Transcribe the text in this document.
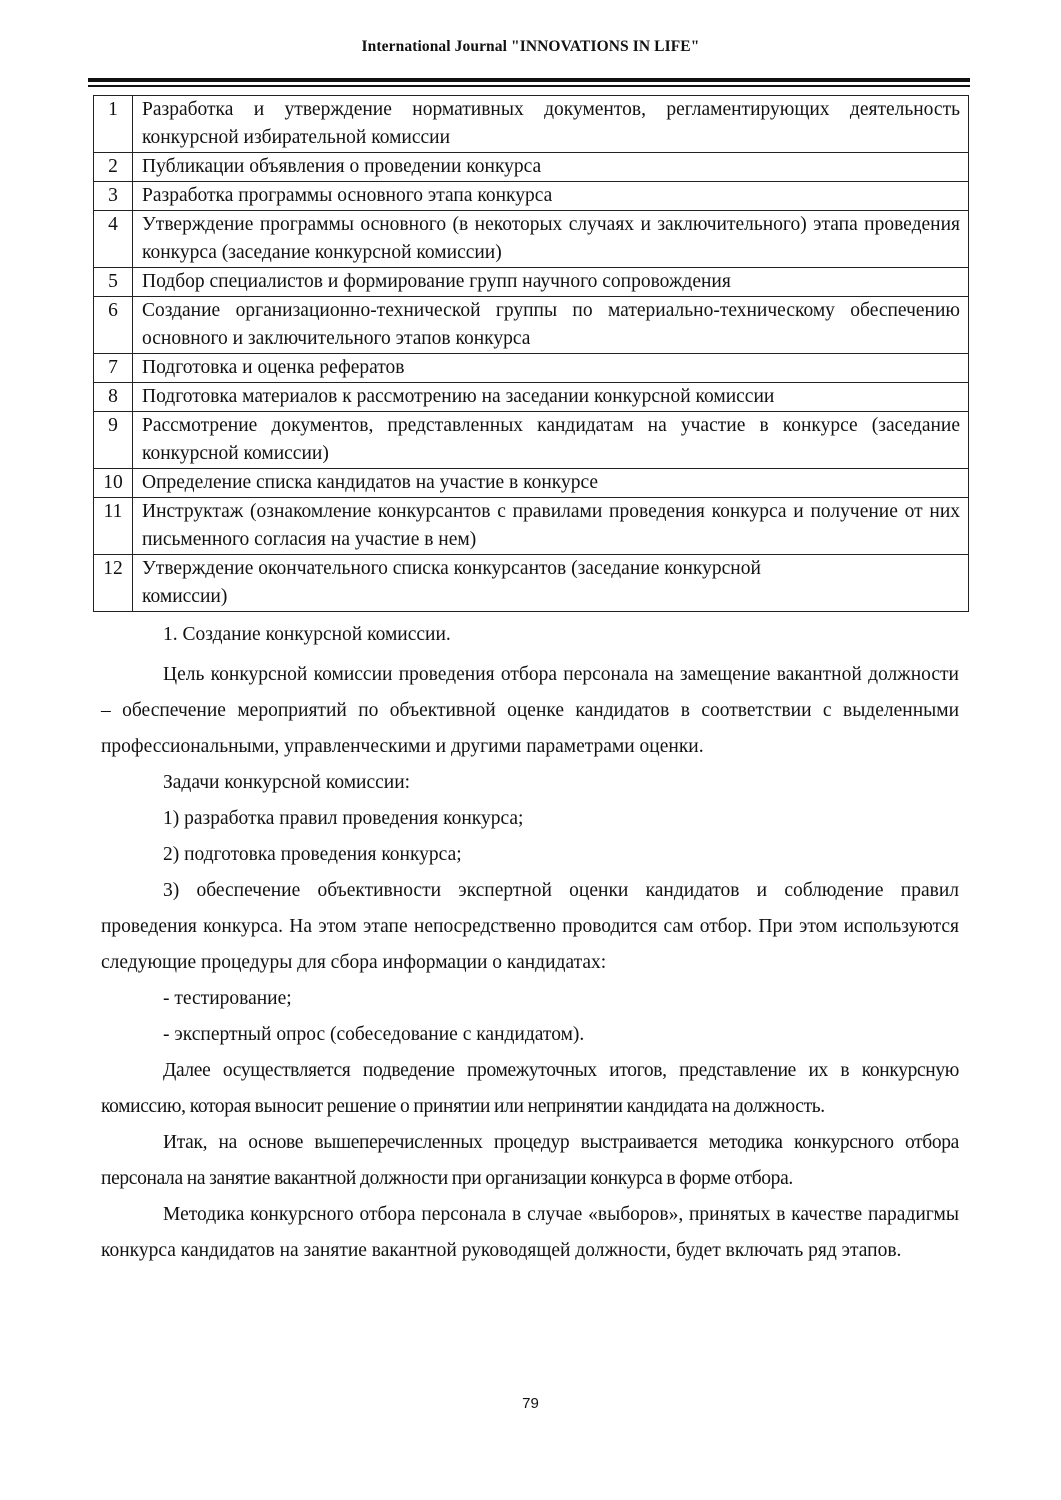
International Journal "INNOVATIONS IN LIFE"
1	Разработка и утверждение нормативных документов, регламентирующих деятельность конкурсной избирательной комиссии
2	Публикации объявления о проведении конкурса
3	Разработка программы основного этапа конкурса
4	Утверждение программы основного (в некоторых случаях и заключительного) этапа проведения конкурса (заседание конкурсной комиссии)
5	Подбор специалистов и формирование групп научного сопровождения
6	Создание организационно-технической группы по материально-техническому обеспечению основного и заключительного этапов конкурса
7	Подготовка и оценка рефератов
8	Подготовка материалов к рассмотрению на заседании конкурсной комиссии
9	Рассмотрение документов, представленных кандидатам на участие в конкурсе (заседание конкурсной комиссии)
10	Определение списка кандидатов на участие в конкурсе
11	Инструктаж (ознакомление конкурсантов с правилами проведения конкурса и получение от них письменного согласия на участие в нем)
12	Утверждение окончательного списка конкурсантов (заседание конкурсной
комиссии)

1. Создание конкурсной комиссии.

Цель конкурсной комиссии проведения отбора персонала на замещение вакантной должности – обеспечение мероприятий по объективной оценке кандидатов в соответствии с выделенными профессиональными, управленческими и другими параметрами оценки.

Задачи конкурсной комиссии:

1) разработка правил проведения конкурса;

2) подготовка проведения конкурса;

3) обеспечение объективности экспертной оценки кандидатов и соблюдение правил проведения конкурса. На этом этапе непосредственно проводится сам отбор. При этом используются следующие процедуры для сбора информации о кандидатах:

- тестирование;

- экспертный опрос (собеседование с кандидатом).

Далее осуществляется подведение промежуточных итогов, представление их в конкурсную комиссию, которая выносит решение о принятии или непринятии кандидата на должность.

Итак, на основе вышеперечисленных процедур выстраивается методика конкурсного отбора персонала на занятие вакантной должности при организации конкурса в форме отбора.

Методика конкурсного отбора персонала в случае «выборов», принятых в качестве парадигмы конкурса кандидатов на занятие вакантной руководящей должности, будет включать ряд этапов.

79
